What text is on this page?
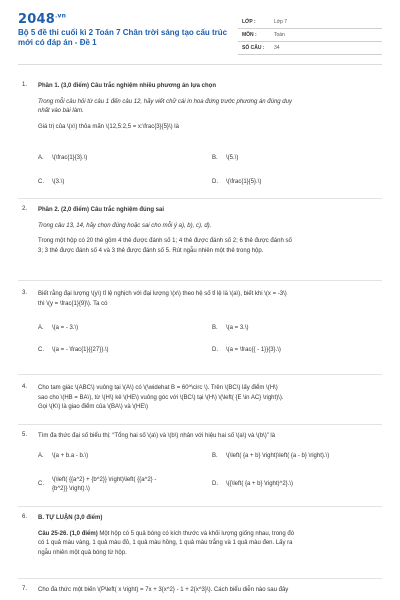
$2048^{.vn}$
Bộ 5 đề thi cuối kì 2 Toán 7 Chân trời sáng tạo cấu trúc mới có đáp án - Đề 1
LỚP :	Lớp 7
MÔN :	Toán
SỐ CÂU : 34
1. Phần 1. (3,0 điểm) Câu trắc nghiệm nhiều phương án lựa chọn
Trong mỗi câu hỏi từ câu 1 đến câu 12, hãy viết chữ cái in hoa đứng trước phương án đúng duy
nhất vào bài làm.
Giá trị của \(x\) thỏa mãn \(12,5:2,5 = x:\frac{3}{5}\) là
A. \(\frac{1}{3}.\)	B. \(5.\)
C. \(3.\)	D. \(\frac{1}{5}.\)
2. Phần 2. (2,0 điểm) Câu trắc nghiệm đúng sai
Trong câu 13, 14, hãy chọn đúng hoặc sai cho mỗi ý a), b), c), d).
Trong một hộp có 20 thẻ gồm 4 thẻ được đánh số 1; 4 thẻ được đánh số 2; 6 thẻ được đánh số
3; 3 thẻ được đánh số 4 và 3 thẻ được đánh số 5. Rút ngẫu nhiên một thẻ trong hộp.
3. Biết rằng đại lượng \(y\) tỉ lệ nghịch với đại lượng \(x\) theo hệ số tỉ lệ là \(a\), biết khi \(x = -3\)
thì \(y = \frac{1}{9}\). Ta có
A. \(a = - 3.\)	B. \(a = 3.\)
C. \(a = - \frac{1}{{27}}.\)	D. \(a = \frac{{ - 1}}{3}.\)
4. Cho tam giác \(ABC\) vuông tại \(A\) có \(\widehat B = 60^\circ \). Trên \(BC\) lấy điểm \(H\)
sao cho \(HB = BA\), từ \(H\) kẻ \(HE\) vuông góc với \(BC\) tại \(H\) \(\left( {E \in AC} \right)\).
Gọi \(K\) là giao điểm của \(BA\) và \(HE\)
5. Tìm đa thức đại số biểu thị: “Tổng hai số \(a\) và \(b\) nhân với hiệu hai số \(a\) và \(b\)” là
A. \(a + b.a - b.\)	B. \(\left( {a + b} \right)\left( {a - b} \right).\)
C.
\(\left( {{a^2} + {b^2}} \right)\left( {{a^2} -
{b^2}} \right).\)
D. \({\left( {a + b} \right)^2}.\)
6. B. TỰ LUẬN (3,0 điểm)
Câu 25-26. (1,0 điểm) Một hộp có 5 quả bóng có kích thước và khối lượng giống nhau, trong đó
có 1 quả màu vàng, 1 quả màu đỏ, 1 quả màu hồng, 1 quả màu trắng và 1 quả màu đen. Lấy ra
ngẫu nhiên một quả bóng từ hộp.
7. Cho đa thức một biến \(P\left( x \right) = 7x + 3{x^2} - 1 + 2{x^3}\). Cách biểu diễn nào sau đây
